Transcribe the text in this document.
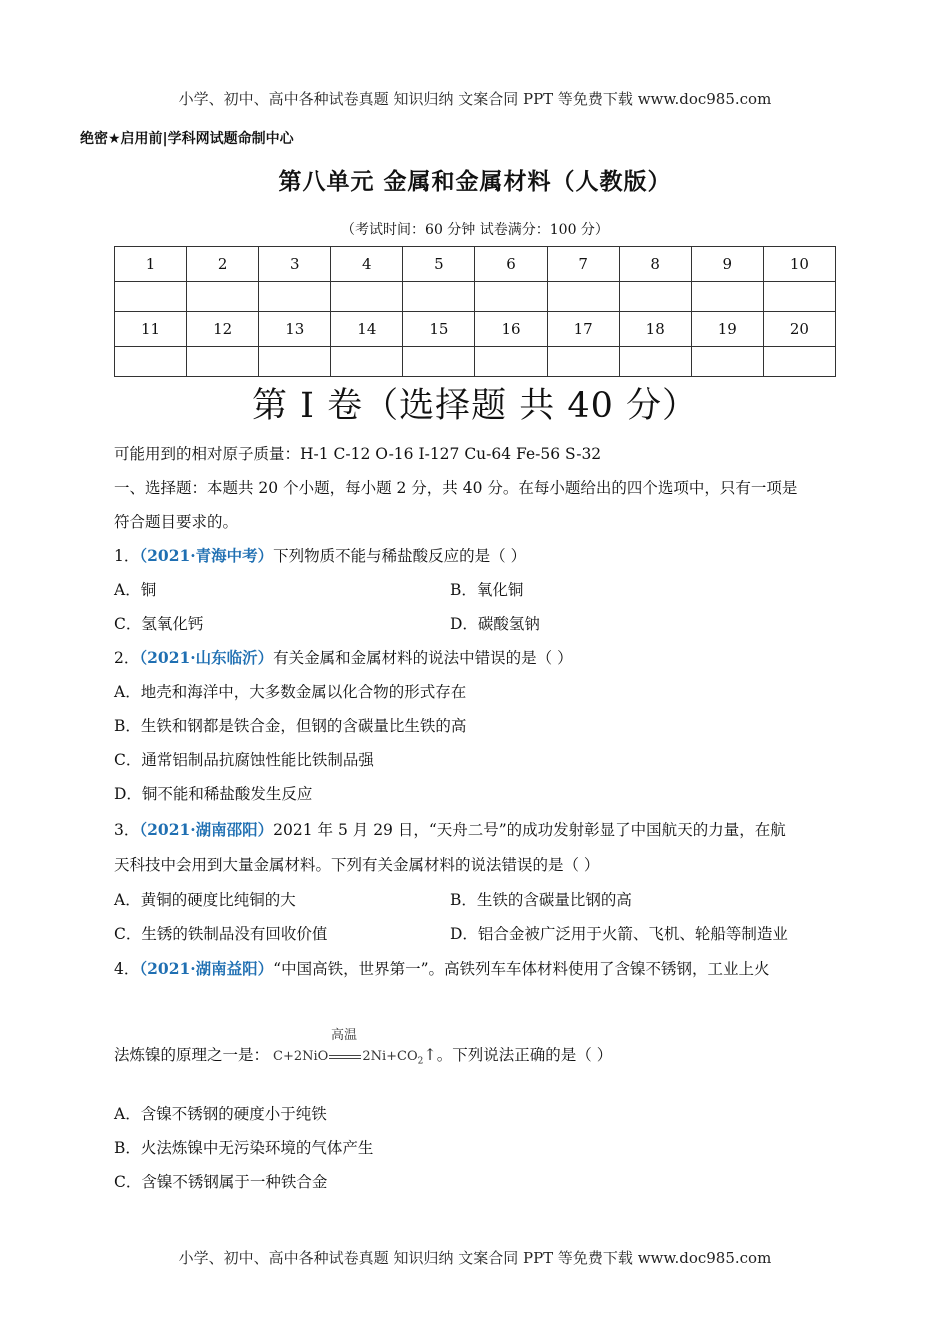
小学、初中、高中各种试卷真题 知识归纳 文案合同 PPT 等免费下载 www.doc985.com
绝密★启用前|学科网试题命制中心
第八单元 金属和金属材料（人教版）
（考试时间：60 分钟 试卷满分：100 分）
1	2	3	4	5	6	7	8	9	10

11	12	13	14	15	16	17	18	19	20

第 I 卷（选择题 共 40 分）
可能用到的相对原子质量：H-1 C-12 O-16 I-127 Cu-64 Fe-56 S-32
一、选择题：本题共 20 个小题，每小题 2 分，共 40 分。在每小题给出的四个选项中，只有一项是
符合题目要求的。
1．（2021·青海中考）下列物质不能与稀盐酸反应的是（ ）
A．铜	B．氧化铜
C．氢氧化钙	D．碳酸氢钠
2．（2021·山东临沂）有关金属和金属材料的说法中错误的是（ ）
A．地壳和海洋中，大多数金属以化合物的形式存在
B．生铁和钢都是铁合金，但钢的含碳量比生铁的高
C．通常铝制品抗腐蚀性能比铁制品强
D．铜不能和稀盐酸发生反应
3．（2021·湖南邵阳）2021 年 5 月 29 日，“天舟二号”的成功发射彰显了中国航天的力量，在航
天科技中会用到大量金属材料。下列有关金属材料的说法错误的是（ ）
A．黄铜的硬度比纯铜的大	B．生铁的含碳量比钢的高
C．生锈的铁制品没有回收价值	D．铝合金被广泛用于火箭、飞机、轮船等制造业
4．（2021·湖南益阳）“中国高铁，世界第一”。高铁列车车体材料使用了含镍不锈钢，工业上火
法炼镍的原理之一是： C+2NiO
高温
$2Ni+CO_2↑$。下列说法正确的是（ ）
A．含镍不锈钢的硬度小于纯铁
B．火法炼镍中无污染环境的气体产生
C．含镍不锈钢属于一种铁合金
小学、初中、高中各种试卷真题 知识归纳 文案合同 PPT 等免费下载 www.doc985.com
